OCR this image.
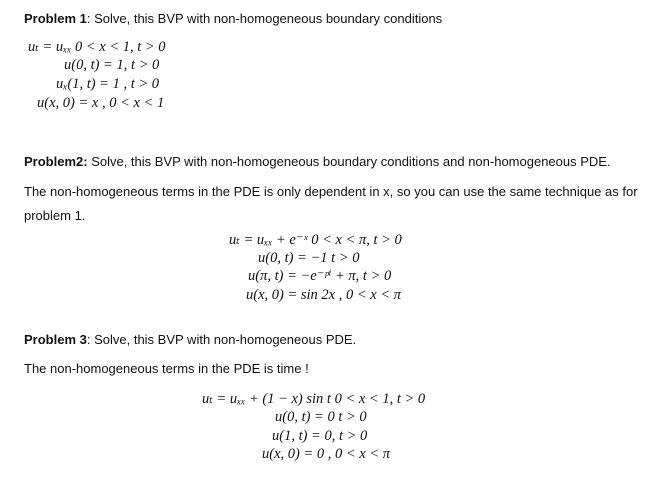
Problem 1: Solve, this BVP with non-homogeneous boundary conditions
uₜ = uₓₓ 0 < x < 1, t > 0
u(0, t) = 1, t > 0
uₓ(1, t) = 1 , t > 0
u(x, 0) = x , 0 < x < 1
Problem2: Solve, this BVP with non-homogeneous boundary conditions and non-homogeneous PDE.
The non-homogeneous terms in the PDE is only dependent in x, so you can use the same technique as for problem 1.
uₜ = uₓₓ + e⁻ˣ 0 < x < π, t > 0
u(0, t) = −1 t > 0
u(π, t) = −e⁻ᵖⁱ + π, t > 0
u(x, 0) = sin 2x , 0 < x < π
Problem 3: Solve, this BVP with non-homogeneous PDE.
The non-homogeneous terms in the PDE is time !
uₜ = uₓₓ + (1 − x) sin t 0 < x < 1, t > 0
u(0, t) = 0 t > 0
u(1, t) = 0, t > 0
u(x, 0) = 0 , 0 < x < π
